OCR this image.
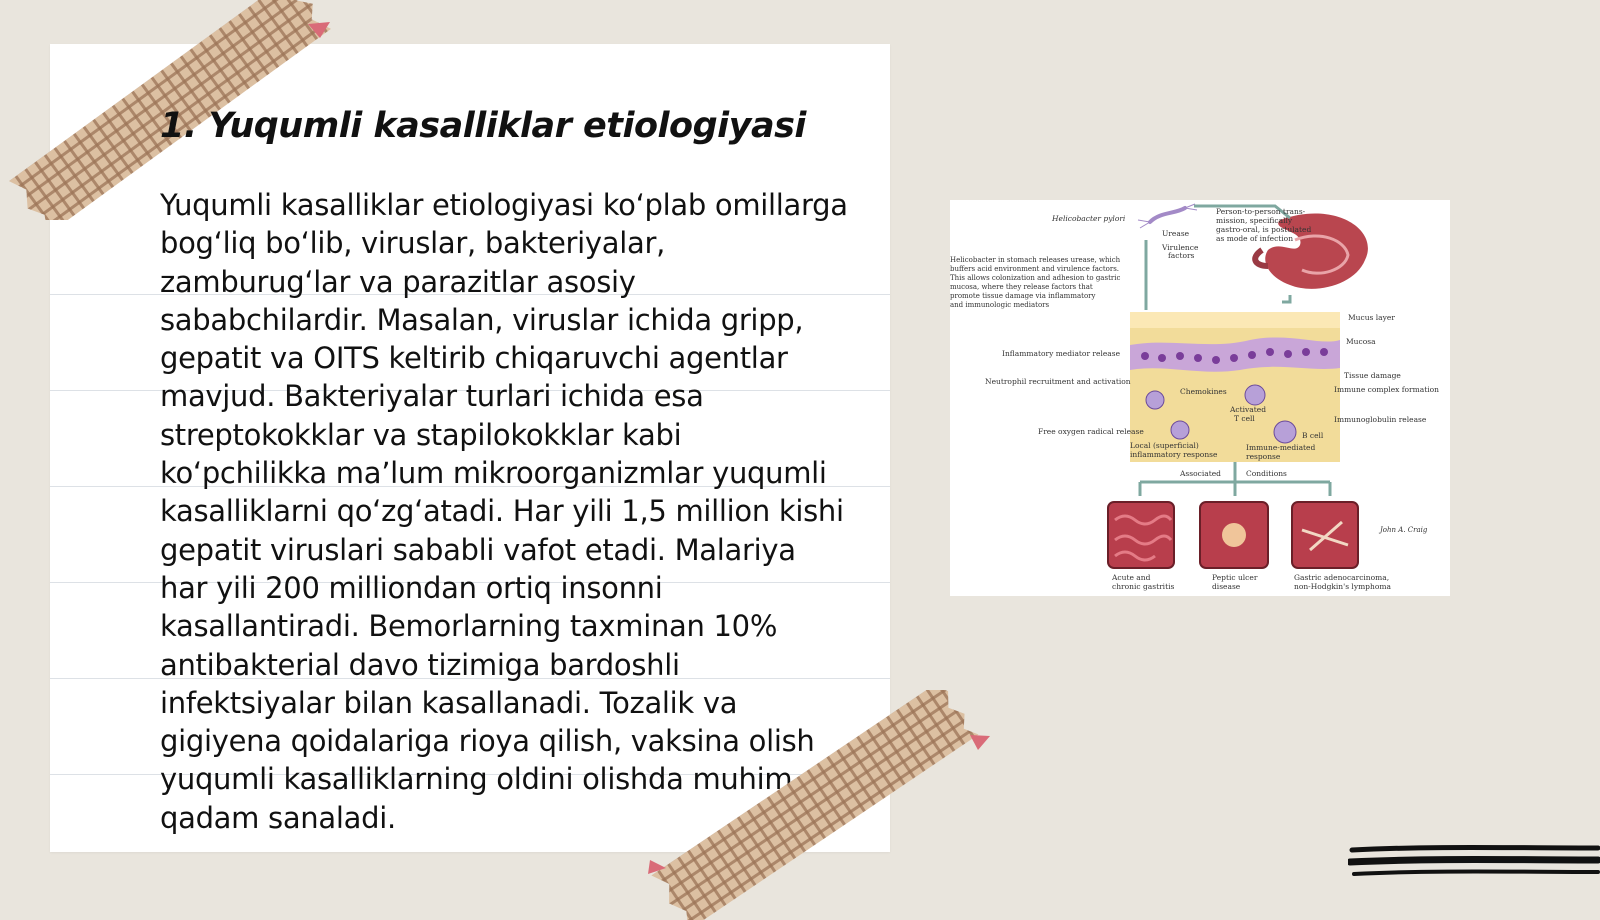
1. Yuqumli kasalliklar etiologiyasi

Yuqumli kasalliklar etiologiyasi ko‘plab omillarga bog‘liq bo‘lib, viruslar, bakteriyalar, zamburug‘lar va parazitlar asosiy sababchilardir. Masalan, viruslar ichida gripp, gepatit va OITS keltirib chiqaruvchi agentlar mavjud. Bakteriyalar turlari ichida esa streptokokklar va stapilokokklar kabi ko‘pchilikka ma’lum mikroorganizmlar yuqumli kasalliklarni qo‘zg‘atadi. Har yili 1,5 million kishi gepatit viruslari sababli vafot etadi. Malariya har yili 200 milliondan ortiq insonni kasallantiradi. Bemorlarning taxminan 10% antibakterial davo tizimiga bardoshli infektsiyalar bilan kasallanadi. Tozalik va gigiyena qoidalariga rioya qilish, vaksina olish yuqumli kasalliklarning oldini olishda muhim qadam sanaladi.

Helicobacter pylori
Person-to-person trans- mission, specifically gastro-oral, is postulated as mode of infection
Urease
Virulence factors
Helicobacter in stomach releases urease, which buffers acid environment and virulence factors. This allows colonization and adhesion to gastric mucosa, where they release factors that promote tissue damage via inflammatory and immunologic mediators
Mucus layer
Mucosa
Inflammatory mediator release
Neutrophil recruitment and activation
Chemokines
Tissue damage
Immune complex formation
Activated T cell	Immunoglobulin release
Free oxygen radical release	B cell
Local (superficial) inflammatory response
Immune-mediated response
Associated	Conditions
Acute and chronic gastritis
Peptic ulcer disease
Gastric adenocarcinoma, non-Hodgkin's lymphoma
John A. Craig
